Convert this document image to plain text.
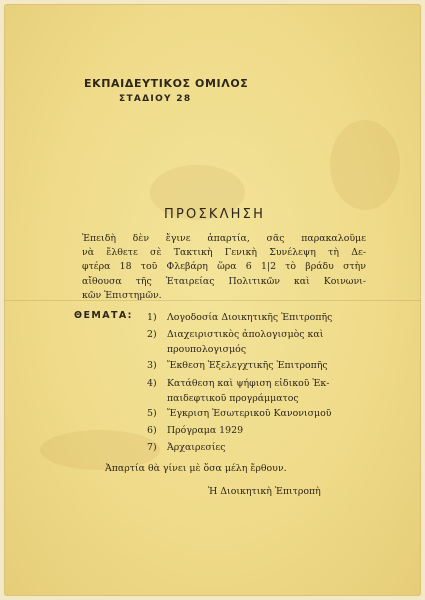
ΕΚΠΑΙΔΕΥΤΙΚΟΣ ΟΜΙΛΟΣ
ΣΤΑΔΙΟΥ 28
ΠΡΟΣΚΛΗΣΗ
Ἐπειδὴ δὲν ἔγινε ἀπαρτία, σᾶς παρακαλοῦμε
νὰ ἔλθετε σὲ Τακτικὴ Γενικὴ Συνέλεψη τὴ Δε-
φτέρα 18 τοῦ Φλεβάρη ὥρα 6 1|2 τὸ βράδυ στὴν
αἴθουσα τῆς Ἑταιρείας Πολιτικῶν καὶ Κοινωνι-
κῶν Ἐπιστημῶν.
ΘΕΜΑΤΑ: 1) Λογοδοσία Διοικητικῆς Ἐπιτροπῆς
2) Διαχειριστικὸς ἀπολογισμὸς καὶ
προυπολογισμός
3) Ἔκθεση Ἐξελεγχτικῆς Ἐπιτροπῆς
4) Κατάθεση καὶ ψήφιση εἰδικοῦ Ἐκ-
παιδεφτικοῦ προγράμματος
5) Ἔγκριση Ἐσωτερικοῦ Κανονισμοῦ
6) Πρόγραμα 1929
7) Ἀρχαιρεσίες
Ἀπαρτία θὰ γίνει μὲ ὅσα μέλη ἔρθουν.
Ἡ Διοικητικὴ Ἐπιτροπὴ
